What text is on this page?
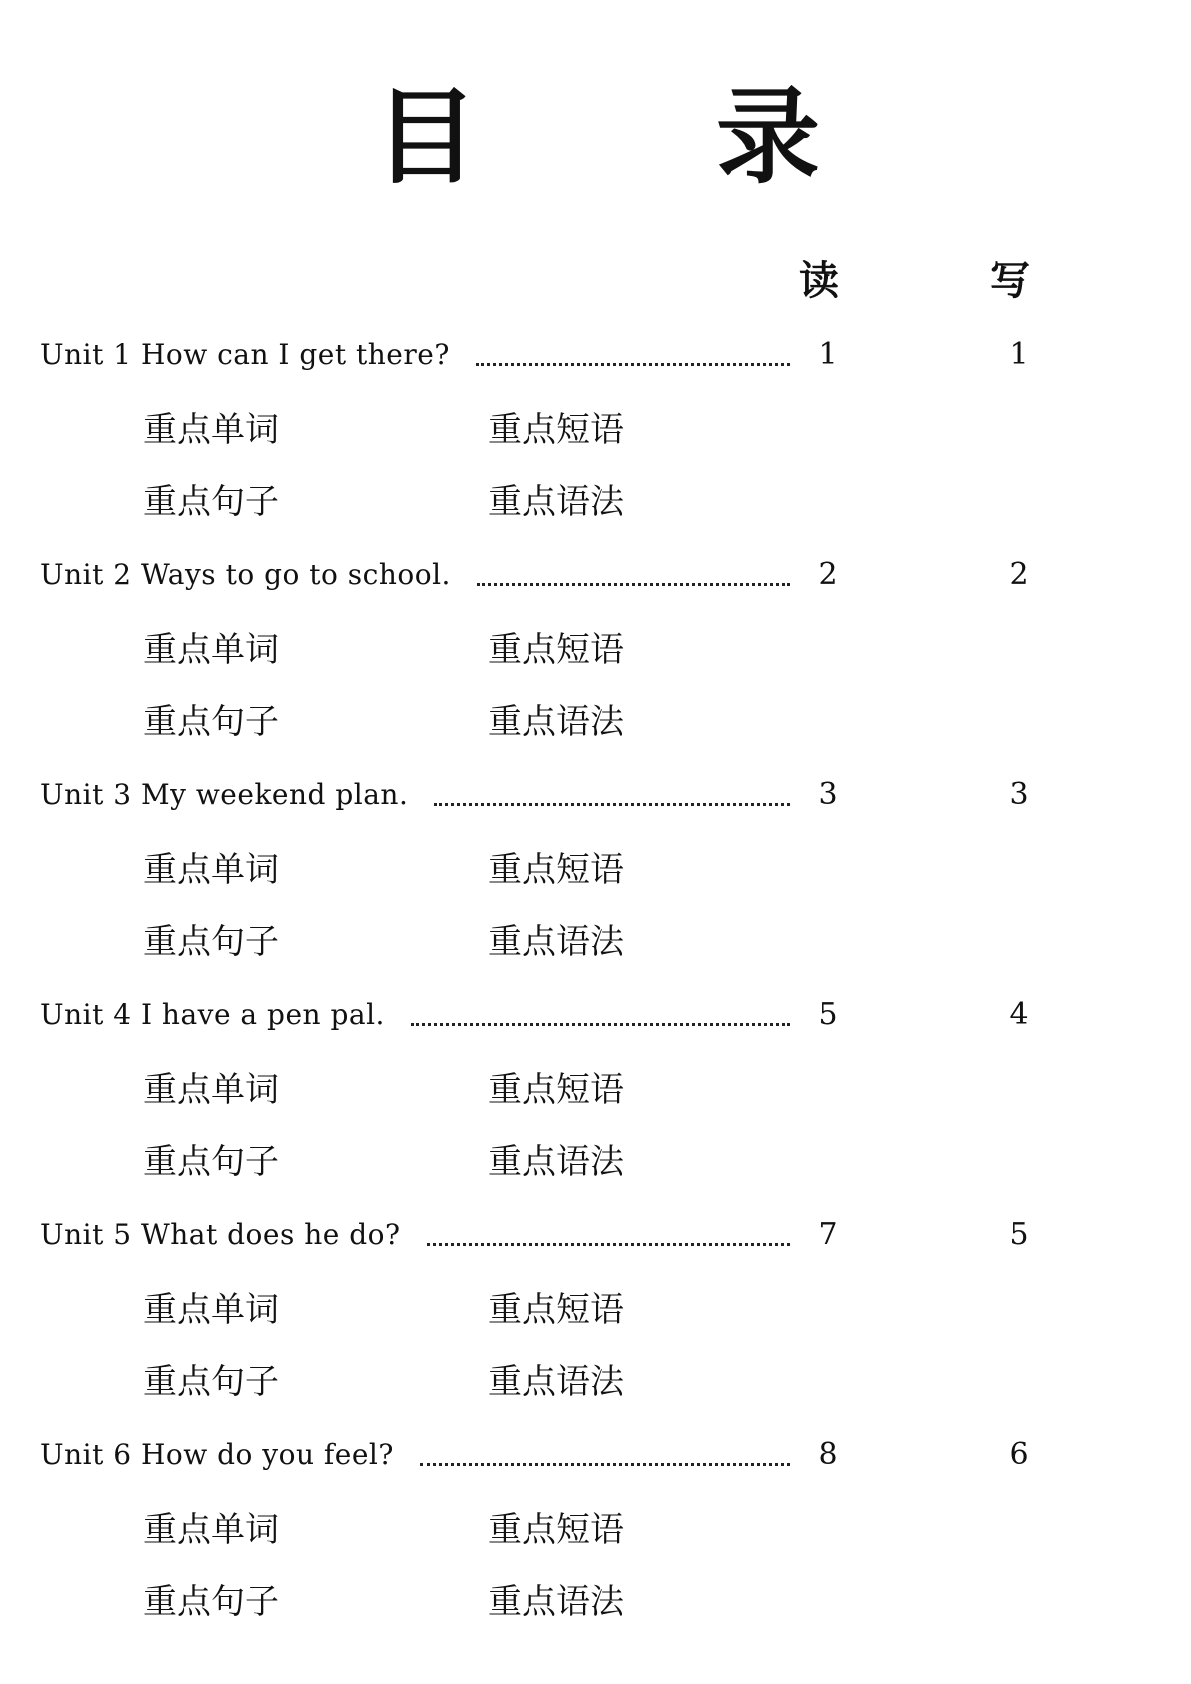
目 录
读	写
Unit 1 How can I get there?	1	1
重点单词	重点短语
重点句子	重点语法
Unit 2 Ways to go to school.	2	2
重点单词	重点短语
重点句子	重点语法
Unit 3 My weekend plan.	3	3
重点单词	重点短语
重点句子	重点语法
Unit 4 I have a pen pal.	5	4
重点单词	重点短语
重点句子	重点语法
Unit 5 What does he do?	7	5
重点单词	重点短语
重点句子	重点语法
Unit 6 How do you feel?	8	6
重点单词	重点短语
重点句子	重点语法
